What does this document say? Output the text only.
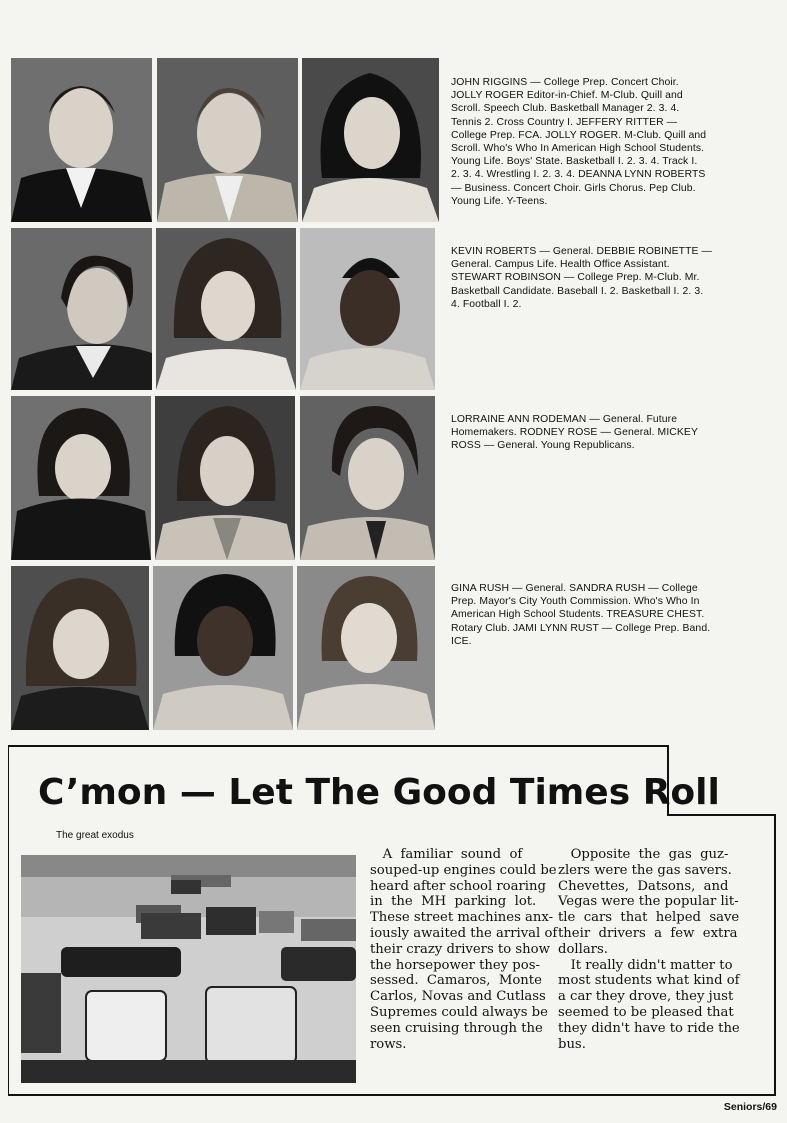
JOHN RIGGINS — College Prep. Concert Choir.
JOLLY ROGER Editor-in-Chief. M-Club. Quill and
Scroll. Speech Club. Basketball Manager 2. 3. 4.
Tennis 2. Cross Country I. JEFFERY RITTER —
College Prep. FCA. JOLLY ROGER. M-Club. Quill and
Scroll. Who's Who In American High School Students.
Young Life. Boys' State. Basketball I. 2. 3. 4. Track I.
2. 3. 4. Wrestling I. 2. 3. 4. DEANNA LYNN ROBERTS
— Business. Concert Choir. Girls Chorus. Pep Club.
Young Life. Y-Teens.
KEVIN ROBERTS — General. DEBBIE ROBINETTE —
General. Campus Life. Health Office Assistant.
STEWART ROBINSON — College Prep. M-Club. Mr.
Basketball Candidate. Baseball I. 2. Basketball I. 2. 3.
4. Football I. 2.
LORRAINE ANN RODEMAN — General. Future
Homemakers. RODNEY ROSE — General. MICKEY
ROSS — General. Young Republicans.
GINA RUSH — General. SANDRA RUSH — College
Prep. Mayor's City Youth Commission. Who's Who In
American High School Students. TREASURE CHEST.
Rotary Club. JAMI LYNN RUST — College Prep. Band.
ICE.
C’mon — Let The Good Times Roll
The great exodus
A  familiar  sound  of
souped-up engines could be
heard after school roaring
in  the  MH  parking  lot.
These street machines anx-
iously awaited the arrival of
their crazy drivers to show
the horsepower they pos-
sessed.  Camaros,  Monte
Carlos, Novas and Cutlass
Supremes could always be
seen cruising through the
rows.
Opposite  the  gas  guz-
zlers were the gas savers.
Chevettes,  Datsons,  and
Vegas were the popular lit-
tle  cars  that  helped  save
their  drivers  a  few  extra
dollars.
It really didn't matter to
most students what kind of
a car they drove, they just
seemed to be pleased that
they didn't have to ride the
bus.
Seniors/69
